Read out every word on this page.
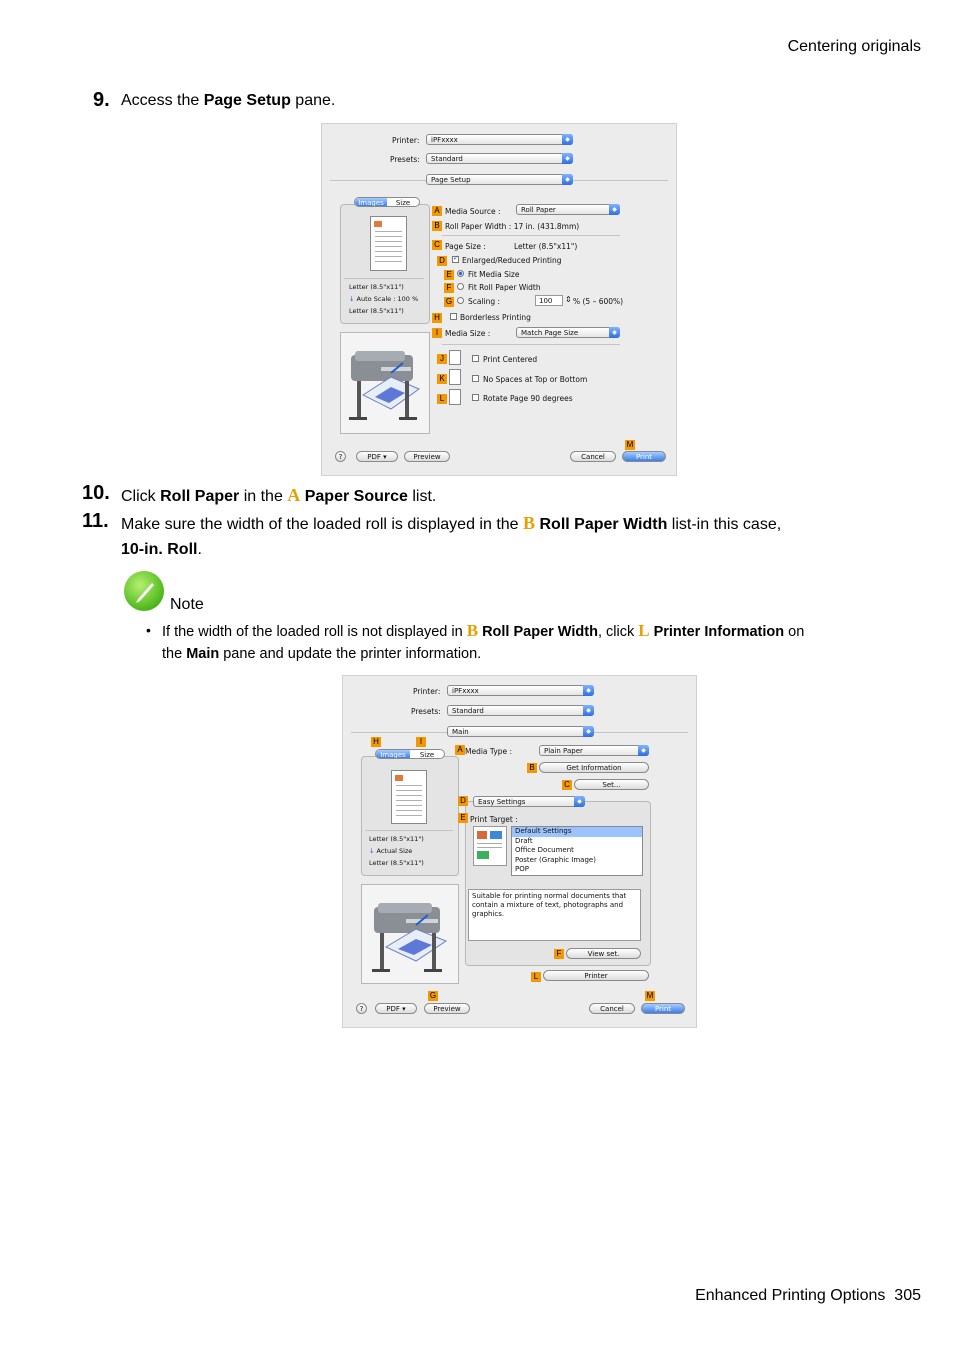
Centering originals
9. Access the Page Setup pane.
Printer:	iPFxxxx	◆
Presets:	Standard	◆
Page Setup	◆
Images	Size
Letter (8.5"x11")
↓ Auto Scale : 100 %
Letter (8.5"x11")
A Media Source :	Roll Paper	◆
B Roll Paper Width : 17 in. (431.8mm)
C Page Size :	Letter (8.5"x11")
D	✓ Enlarged/Reduced Printing
E	Fit Media Size
F	Fit Roll Paper Width
G Scaling :	100	⇕ % (5 – 600%)
H	Borderless Printing
I Media Size :	Match Page Size	◆
J	Print Centered
K	No Spaces at Top or Bottom
L	Rotate Page 90 degrees
M
?	PDF ▾	Preview	Cancel	Print
10. Click Roll Paper in the A Paper Source list.
11. Make sure the width of the loaded roll is displayed in the B Roll Paper Width list-in this case,
10-in. Roll.
Note
• If the width of the loaded roll is not displayed in B Roll Paper Width, click L Printer Information on
the Main pane and update the printer information.
Printer:	iPFxxxx	◆
Presets:	Standard	◆
Main	◆
H	I
Images	Size
Letter (8.5"x11")
↓ Actual Size
Letter (8.5"x11")
A Media Type :	Plain Paper	◆
B	Get Information
C	Set...
D	Easy Settings	◆
E Print Target :
Default Settings
Draft
Office Document
Poster (Graphic Image)
POP
Suitable for printing normal documents that contain a mixture of text, photographs and graphics.
F	View set.
L	Printer
G	M
?	PDF ▾	Preview	Cancel	Print
Enhanced Printing Options 305
